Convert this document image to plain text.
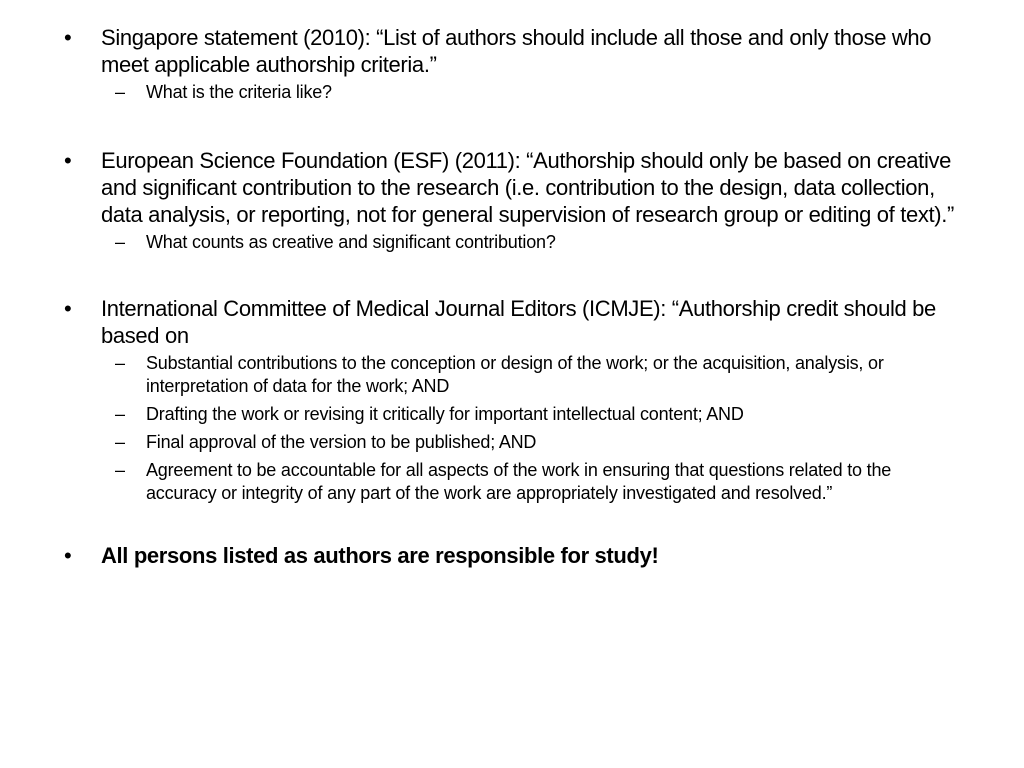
•	Singapore statement (2010): “List of authors should include all those and only those who meet applicable authorship criteria.”
–	What is the criteria like?
•	European Science Foundation (ESF) (2011): “Authorship should only be based on creative and significant contribution to the research (i.e. contribution to the design, data collection, data analysis, or reporting, not for general supervision of research group or editing of text).”
–	What counts as creative and significant contribution?
•	International Committee of Medical Journal Editors (ICMJE): “Authorship credit should be based on
–	Substantial contributions to the conception or design of the work; or the acquisition, analysis, or interpretation of data for the work; AND
–	Drafting the work or revising it critically for important intellectual content; AND
–	Final approval of the version to be published; AND
–	Agreement to be accountable for all aspects of the work in ensuring that questions related to the accuracy or integrity of any part of the work are appropriately investigated and resolved.”
•	All persons listed as authors are responsible for study!
